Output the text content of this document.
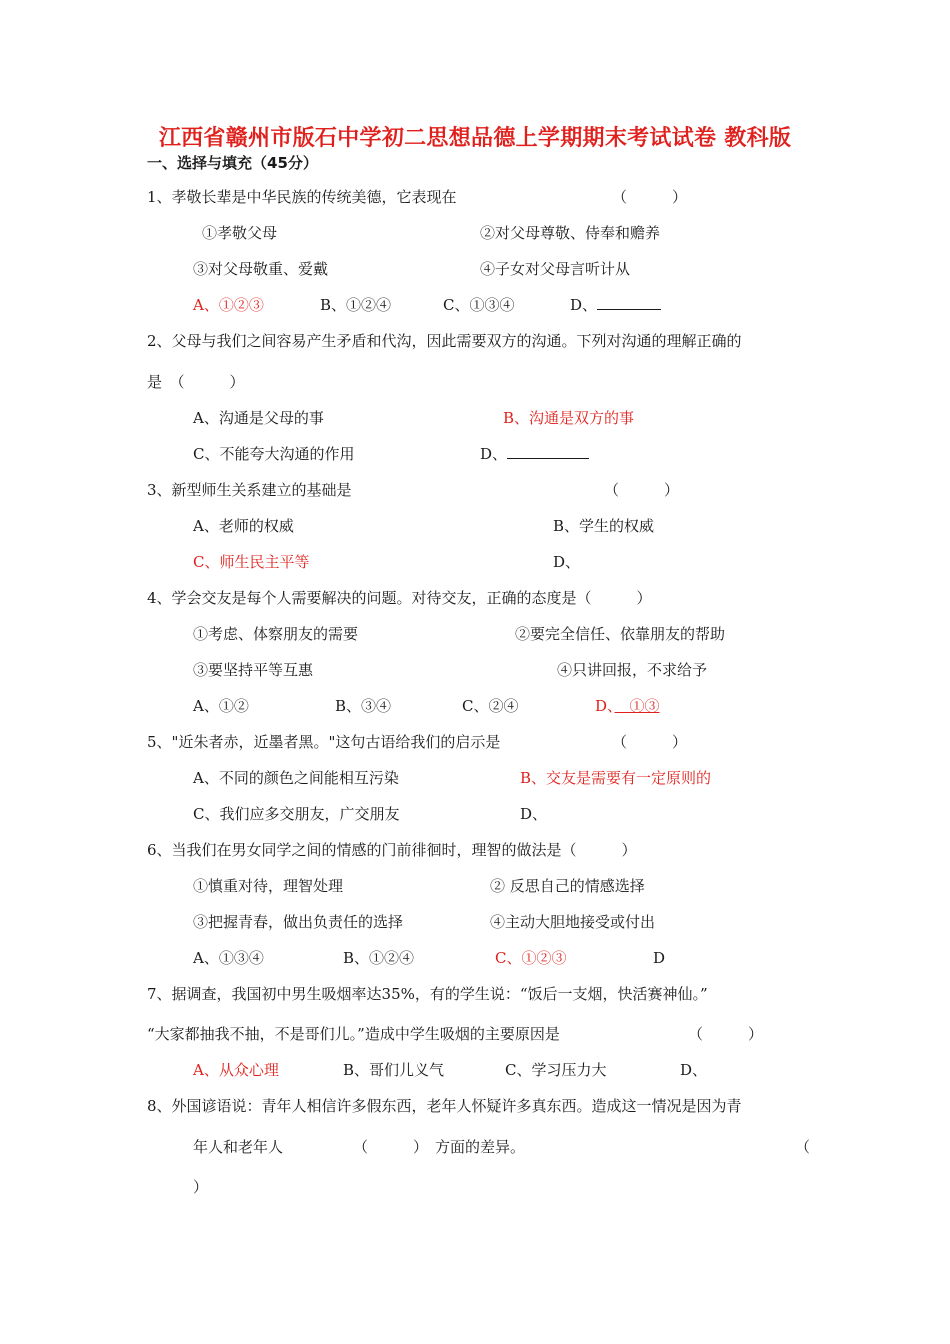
江西省赣州市版石中学初二思想品德上学期期末考试试卷 教科版
一、选择与填充（45分）
1、孝敬长辈是中华民族的传统美德，它表现在	（　　　）
①孝敬父母	②对父母尊敬、侍奉和赡养
③对父母敬重、爱戴	④子女对父母言听计从
A、①②③	B、①②④	C、①③④	D、
2、父母与我们之间容易产生矛盾和代沟，因此需要双方的沟通。下列对沟通的理解正确的
是　（　　　）
A、沟通是父母的事	B、沟通是双方的事
C、不能夸大沟通的作用	D、
3、新型师生关系建立的基础是	（　　　）
A、老师的权威	B、学生的权威
C、师生民主平等	D、
4、学会交友是每个人需要解决的问题。对待交友，正确的态度是（　　　）
①考虑、体察朋友的需要	②要完全信任、依靠朋友的帮助
③要坚持平等互惠	④只讲回报，不求给予
A、①②	B、③④	C、②④	D、　①③
5、"近朱者赤，近墨者黑。"这句古语给我们的启示是	（　　　）
A、不同的颜色之间能相互污染	B、交友是需要有一定原则的
C、我们应多交朋友，广交朋友	D、
6、当我们在男女同学之间的情感的门前徘徊时，理智的做法是（　　　）
①慎重对待，理智处理	② 反思自己的情感选择
③把握青春，做出负责任的选择	④主动大胆地接受或付出
A、①③④	B、①②④	C、①②③	D
7、据调查，我国初中男生吸烟率达35%，有的学生说：“饭后一支烟，快活赛神仙。”
“大家都抽我不抽，不是哥们儿。”造成中学生吸烟的主要原因是	（　　　）
A、从众心理	B、哥们儿义气	C、学习压力大	D、
8、外国谚语说：青年人相信许多假东西，老年人怀疑许多真东西。造成这一情况是因为青
年人和老年人	（　　　） 方面的差异。	（
）
